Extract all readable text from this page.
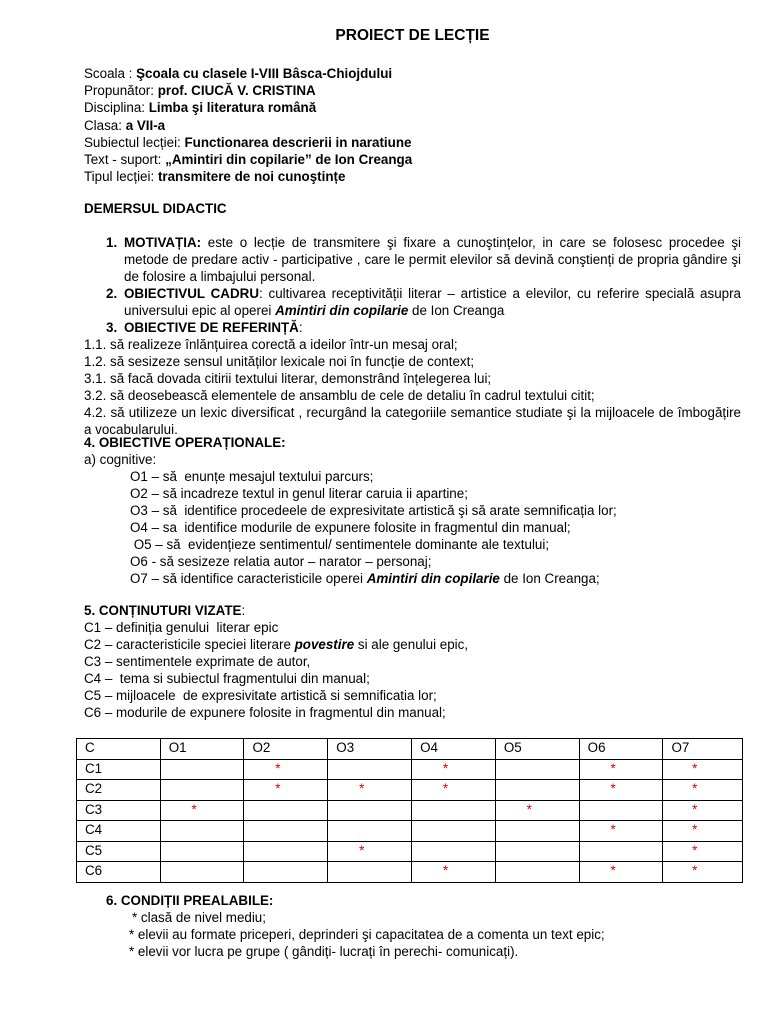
PROIECT DE LECȚIE
Scoala : Şcoala cu clasele I-VIII Bâsca-Chiojdului
Propunător: prof. CIUCĂ V. CRISTINA
Disciplina: Limba şi literatura română
Clasa: a VII-a
Subiectul lecției: Functionarea descrierii in naratiune
Text - suport: „Amintiri din copilarie” de Ion Creanga
Tipul lecției: transmitere de noi cunoştințe
DEMERSUL DIDACTIC
1. MOTIVAȚIA: este o lecție de transmitere şi fixare a cunoştințelor, in care se folosesc procedee şi metode de predare activ - participative , care le permit elevilor să devină conştienți de propria gândire şi de folosire a limbajului personal.
2. OBIECTIVUL CADRU: cultivarea receptivității literar – artistice a elevilor, cu referire specială asupra universului epic al operei Amintiri din copilarie de Ion Creanga
3. OBIECTIVE DE REFERINȚĂ:
1.1. să realizeze înlănțuirea corectă a ideilor într-un mesaj oral;
1.2. să sesizeze sensul unităților lexicale noi în funcție de context;
3.1. să facă dovada citirii textului literar, demonstrând înțelegerea lui;
3.2. să deosebească elementele de ansamblu de cele de detaliu în cadrul textului citit;
4.2. să utilizeze un lexic diversificat , recurgând la categoriile semantice studiate şi la mijloacele de îmbogățire a vocabularului.
4. OBIECTIVE OPERAȚIONALE:
a) cognitive:
O1 – să  enunțe mesajul textului parcurs;
O2 – să incadreze textul in genul literar caruia ii apartine;
O3 – să  identifice procedeele de expresivitate artistică şi să arate semnificația lor;
O4 – sa  identifice modurile de expunere folosite in fragmentul din manual;
O5 – să  evidențieze sentimentul/ sentimentele dominante ale textului;
O6 - să sesizeze relatia autor – narator – personaj;
O7 – să identifice caracteristicile operei Amintiri din copilarie de Ion Creanga;
5. CONȚINUTURI VIZATE:
C1 – definiția genului  literar epic
C2 – caracteristicile speciei literare povestire si ale genului epic,
C3 – sentimentele exprimate de autor,
C4 –  tema si subiectul fragmentului din manual;
C5 – mijloacele  de expresivitate artistică si semnificatia lor;
C6 – modurile de expunere folosite in fragmentul din manual;
6. CONDIȚII PREALABILE:
* clasă de nivel mediu;
* elevii au formate priceperi, deprinderi şi capacitatea de a comenta un text epic;
* elevii vor lucra pe grupe ( gândiți- lucrați în perechi- comunicați).
C	O1	O2	O3	O4	O5	O6	O7
C1		*		*		*	*
C2		*	*	*		*	*
C3	*				*		*
C4						*	*
C5			*				*
C6				*		*	*
